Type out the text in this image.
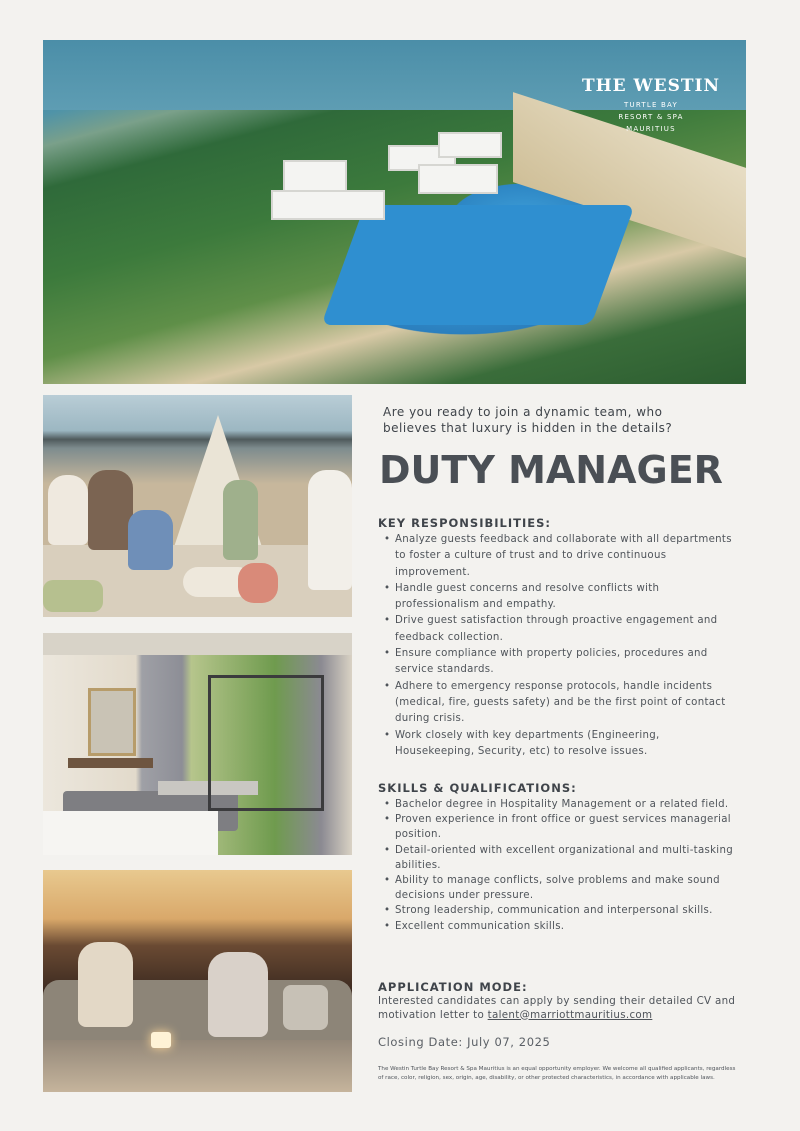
THE WESTIN
TURTLE BAY
RESORT & SPA
MAURITIUS
Are you ready to join a dynamic team, who believes that luxury is hidden in the details?
DUTY MANAGER
KEY RESPONSIBILITIES:
• Analyze guests feedback and collaborate with all departments to foster a culture of trust and to drive continuous improvement.
• Handle guest concerns and resolve conflicts with professionalism and empathy.
• Drive guest satisfaction through proactive engagement and feedback collection.
• Ensure compliance with property policies, procedures and service standards.
• Adhere to emergency response protocols, handle incidents (medical, fire, guests safety) and be the first point of contact during crisis.
• Work closely with key departments (Engineering, Housekeeping, Security, etc) to resolve issues.
SKILLS & QUALIFICATIONS:
• Bachelor degree in Hospitality Management or a related field.
• Proven experience in front office or guest services managerial position.
• Detail-oriented with excellent organizational and multi-tasking abilities.
• Ability to manage conflicts, solve problems and make sound decisions under pressure.
• Strong leadership, communication and interpersonal skills.
• Excellent communication skills.
APPLICATION MODE:
Interested candidates can apply by sending their detailed CV and motivation letter to talent@marriottmauritius.com
Closing Date: July 07, 2025
The Westin Turtle Bay Resort & Spa Mauritius is an equal opportunity employer. We welcome all qualified applicants, regardless of race, color, religion, sex, origin, age, disability, or other protected characteristics, in accordance with applicable laws.
